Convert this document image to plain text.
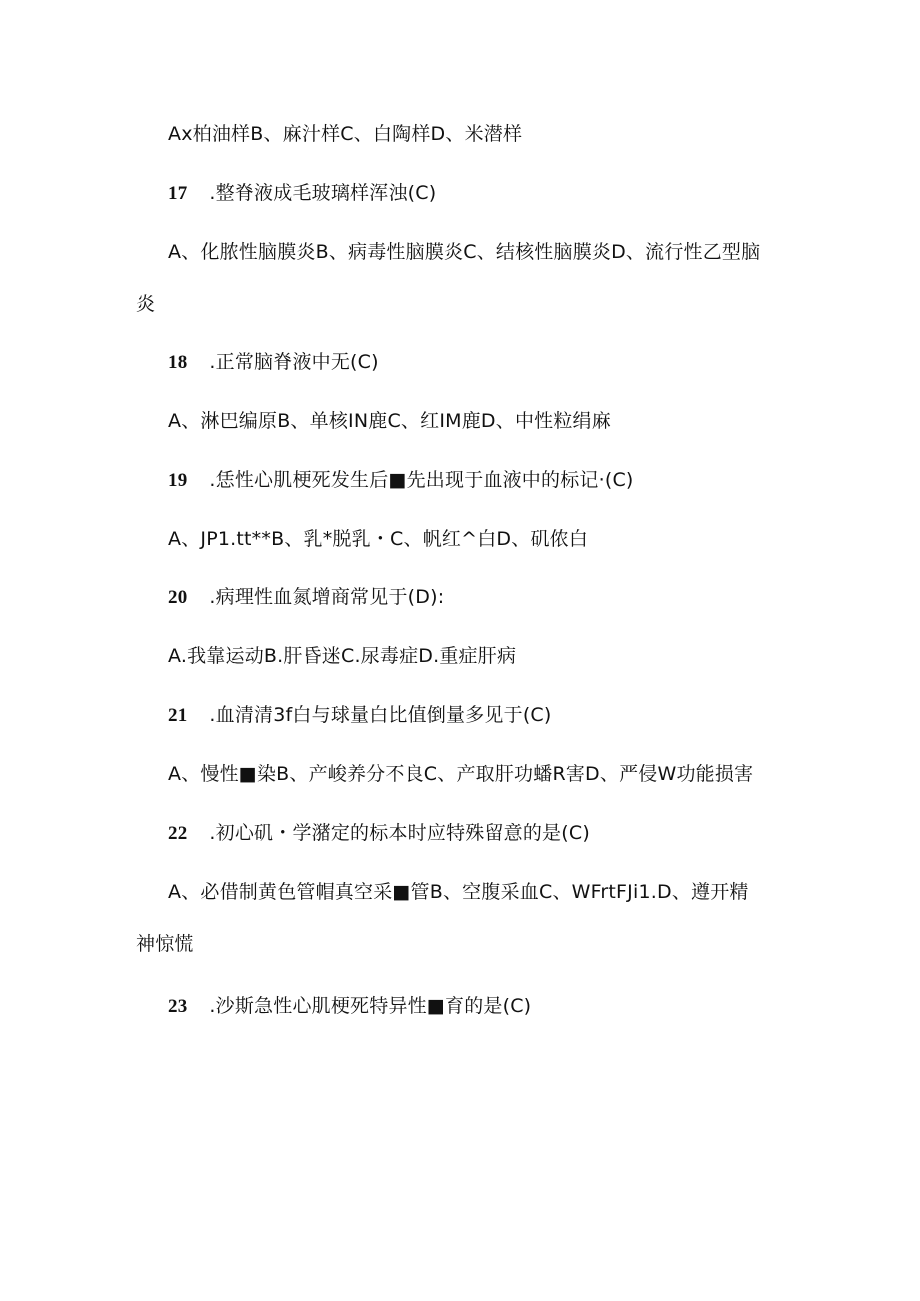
Ax柏油样B、麻汁样C、白陶样D、米潜样
17 .整脊液成毛玻璃样浑浊(C)
A、化脓性脑膜炎B、病毒性脑膜炎C、结核性脑膜炎D、流行性乙型脑
炎
18 .正常脑脊液中无(C)
A、淋巴编原B、单核IN鹿C、红IM鹿D、中性粒绢麻
19 .恁性心肌梗死发生后■先出现于血液中的标记·(C)
A、JP1.tt**B、乳*脱乳・C、帆红^白D、矶侬白
20 .病理性血氮增商常见于(D):
A.我靠运动B.肝昏迷C.尿毒症D.重症肝病
21 .血清清3f白与球量白比值倒量多见于(C)
A、慢性■染B、产峻养分不良C、产取肝功蟠R害D、严侵W功能损害
22 .初心矶・学潴定的标本时应特殊留意的是(C)
A、必借制黄色管帽真空采■管B、空腹采血C、WFrtFJi1.D、遵开精
神惊慌
23 .沙斯急性心肌梗死特异性■育的是(C)
